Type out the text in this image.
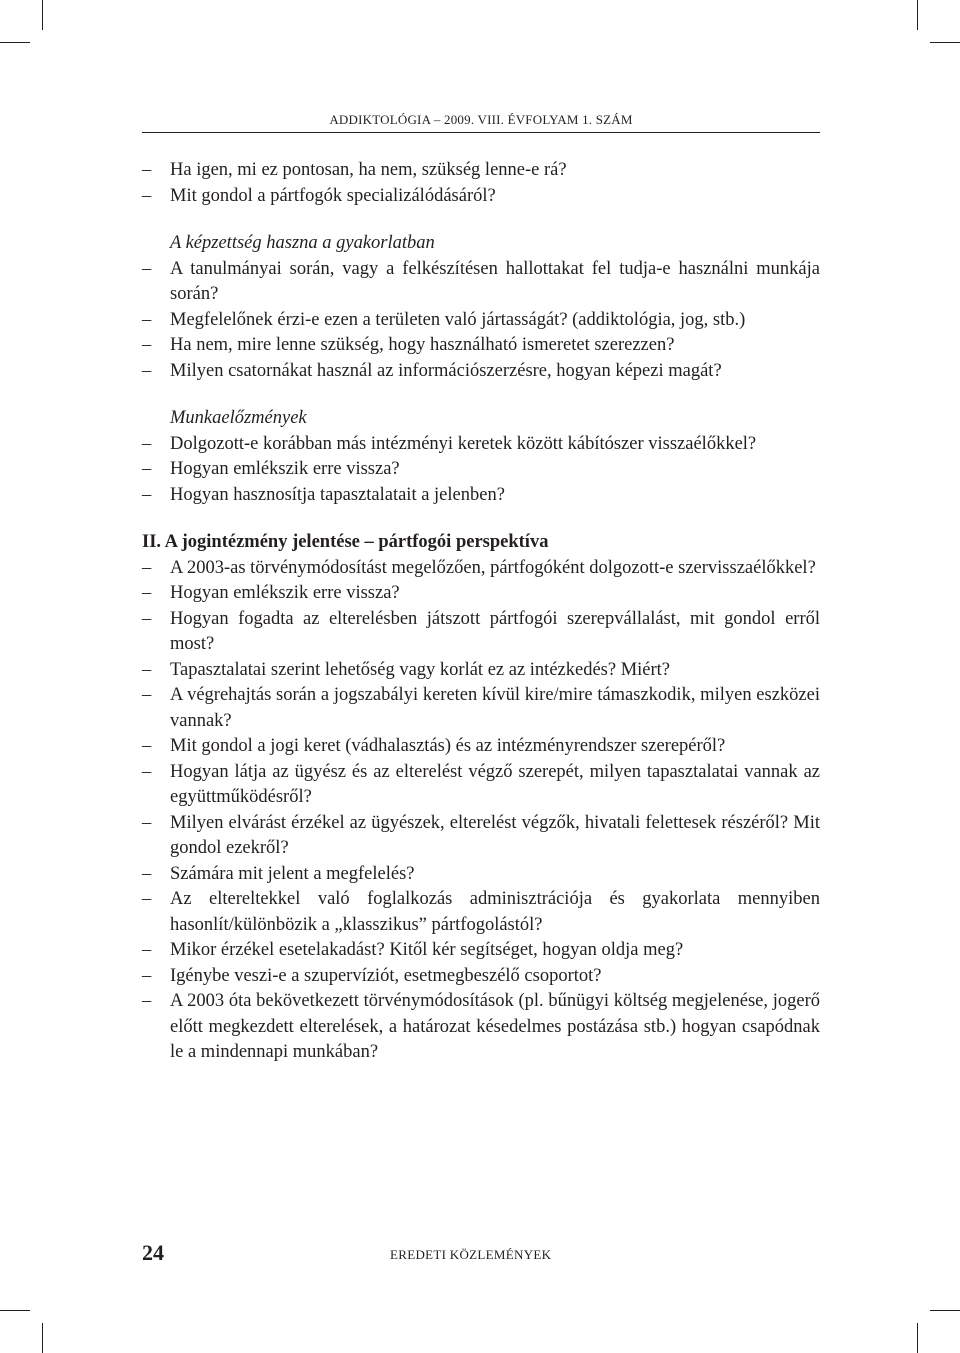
ADDIKTOLÓGIA – 2009. VIII. ÉVFOLYAM 1. SZÁM
– Ha igen, mi ez pontosan, ha nem, szükség lenne-e rá?
– Mit gondol a pártfogók specializálódásáról?
A képzettség haszna a gyakorlatban
– A tanulmányai során, vagy a felkészítésen hallottakat fel tudja-e használni munkája során?
– Megfelelőnek érzi-e ezen a területen való jártasságát? (addiktológia, jog, stb.)
– Ha nem, mire lenne szükség, hogy használható ismeretet szerezzen?
– Milyen csatornákat használ az információszerzésre, hogyan képezi magát?
Munkaelőzmények
– Dolgozott-e korábban más intézményi keretek között kábítószer visszaélőkkel?
– Hogyan emlékszik erre vissza?
– Hogyan hasznosítja tapasztalatait a jelenben?
II. A jogintézmény jelentése – pártfogói perspektíva
– A 2003-as törvénymódosítást megelőzően, pártfogóként dolgozott-e szervisszaélőkkel?
– Hogyan emlékszik erre vissza?
– Hogyan fogadta az elterelésben játszott pártfogói szerepvállalást, mit gondol erről most?
– Tapasztalatai szerint lehetőség vagy korlát ez az intézkedés? Miért?
– A végrehajtás során a jogszabályi kereten kívül kire/mire támaszkodik, milyen eszközei vannak?
– Mit gondol a jogi keret (vádhalasztás) és az intézményrendszer szerepéről?
– Hogyan látja az ügyész és az elterelést végző szerepét, milyen tapasztalatai vannak az együttműködésről?
– Milyen elvárást érzékel az ügyészek, elterelést végzők, hivatali felettesek részéről? Mit gondol ezekről?
– Számára mit jelent a megfelelés?
– Az eltereltekkel való foglalkozás adminisztrációja és gyakorlata mennyiben hasonlít/különbözik a „klasszikus” pártfogolástól?
– Mikor érzékel esetelakadást? Kitől kér segítséget, hogyan oldja meg?
– Igénybe veszi-e a szupervíziót, esetmegbeszélő csoportot?
– A 2003 óta bekövetkezett törvénymódosítások (pl. bűnügyi költség megjelenése, jogerő előtt megkezdett elterelések, a határozat késedelmes postázása stb.) hogyan csapódnak le a mindennapi munkában?
24	EREDETI KÖZLEMÉNYEK
